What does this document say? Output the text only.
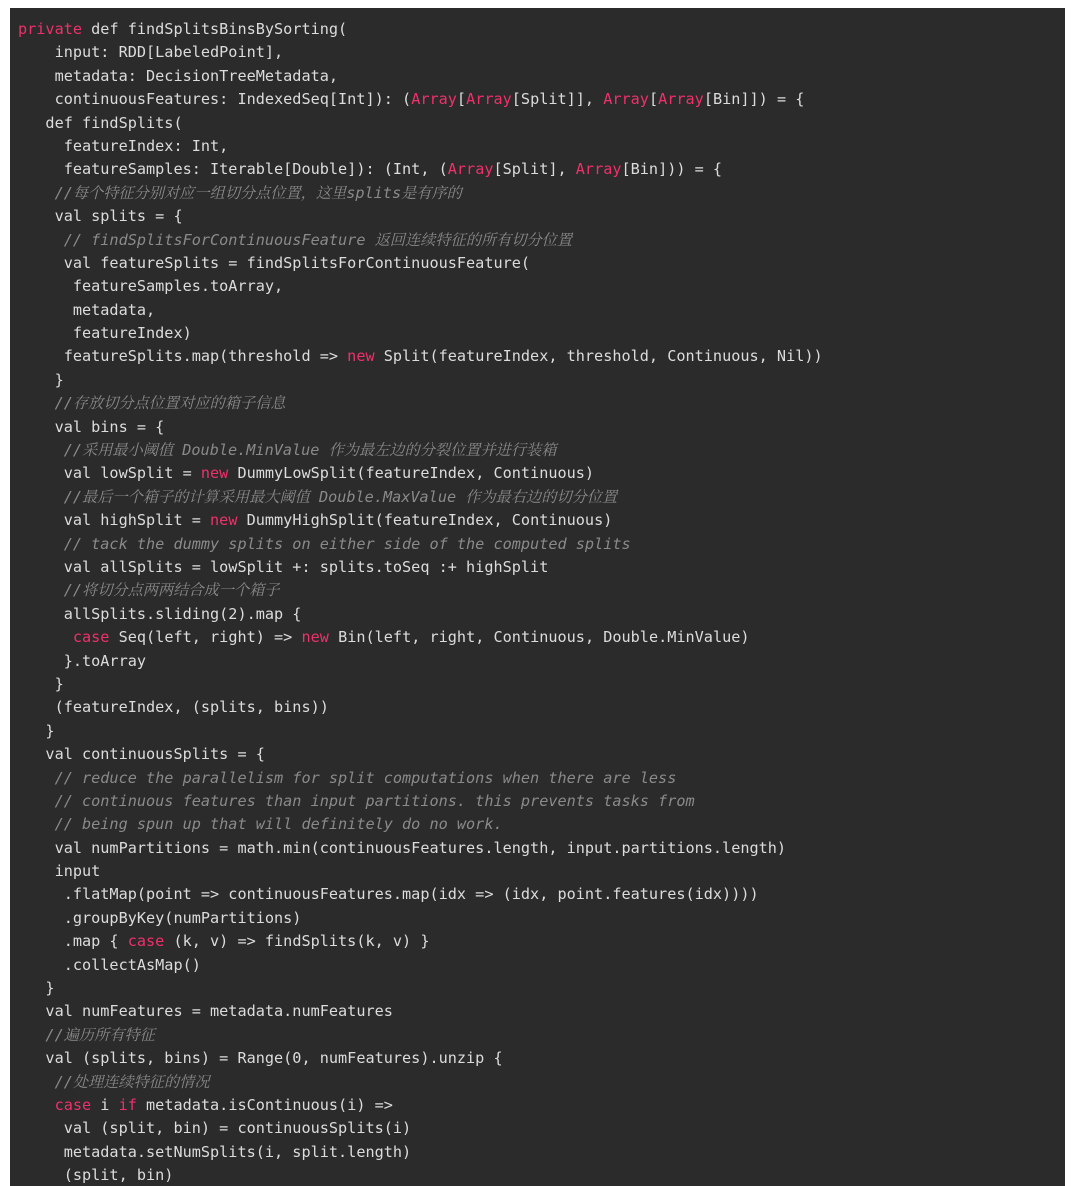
private def findSplitsBinsBySorting(
input: RDD[LabeledPoint],
metadata: DecisionTreeMetadata,
continuousFeatures: IndexedSeq[Int]): (Array[Array[Split]], Array[Array[Bin]]) = {
def findSplits(
featureIndex: Int,
featureSamples: Iterable[Double]): (Int, (Array[Split], Array[Bin])) = {
//每个特征分别对应一组切分点位置，这里splits是有序的
val splits = {
// findSplitsForContinuousFeature 返回连续特征的所有切分位置
val featureSplits = findSplitsForContinuousFeature(
featureSamples.toArray,
metadata,
featureIndex)
featureSplits.map(threshold => new Split(featureIndex, threshold, Continuous, Nil))
}
//存放切分点位置对应的箱子信息
val bins = {
//采用最小阈值 Double.MinValue 作为最左边的分裂位置并进行装箱
val lowSplit = new DummyLowSplit(featureIndex, Continuous)
//最后一个箱子的计算采用最大阈值 Double.MaxValue 作为最右边的切分位置
val highSplit = new DummyHighSplit(featureIndex, Continuous)
// tack the dummy splits on either side of the computed splits
val allSplits = lowSplit +: splits.toSeq :+ highSplit
//将切分点两两结合成一个箱子
allSplits.sliding(2).map {
case Seq(left, right) => new Bin(left, right, Continuous, Double.MinValue)
}.toArray
}
(featureIndex, (splits, bins))
}
val continuousSplits = {
// reduce the parallelism for split computations when there are less
// continuous features than input partitions. this prevents tasks from
// being spun up that will definitely do no work.
val numPartitions = math.min(continuousFeatures.length, input.partitions.length)
input
.flatMap(point => continuousFeatures.map(idx => (idx, point.features(idx))))
.groupByKey(numPartitions)
.map { case (k, v) => findSplits(k, v) }
.collectAsMap()
}
val numFeatures = metadata.numFeatures
//遍历所有特征
val (splits, bins) = Range(0, numFeatures).unzip {
//处理连续特征的情况
case i if metadata.isContinuous(i) =>
val (split, bin) = continuousSplits(i)
metadata.setNumSplits(i, split.length)
(split, bin)
